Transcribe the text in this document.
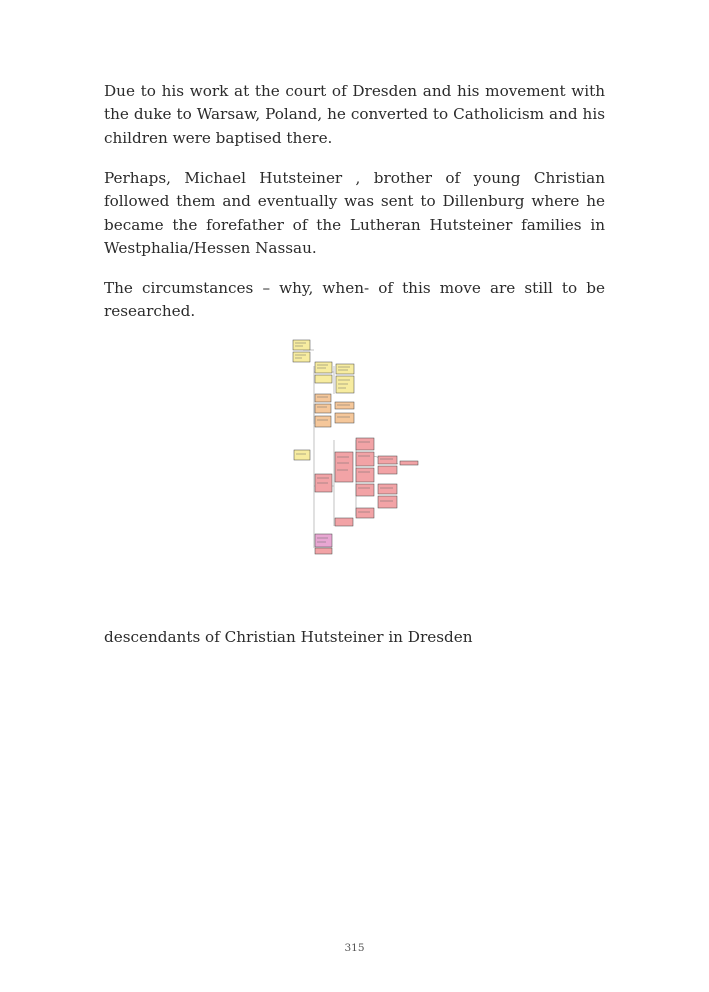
Due to his work at the court of Dresden and his movement with the duke to Warsaw, Poland, he converted to Catholicism and his children were baptised there.

Perhaps, Michael Hutsteiner , brother of young Christian followed them and eventually was sent to Dillenburg where he became the forefather of the Lutheran Hutsteiner families in Westphalia/Hessen Nassau.

The circumstances – why, when- of this move are still to be researched.

descendants of Christian Hutsteiner in Dresden

315
